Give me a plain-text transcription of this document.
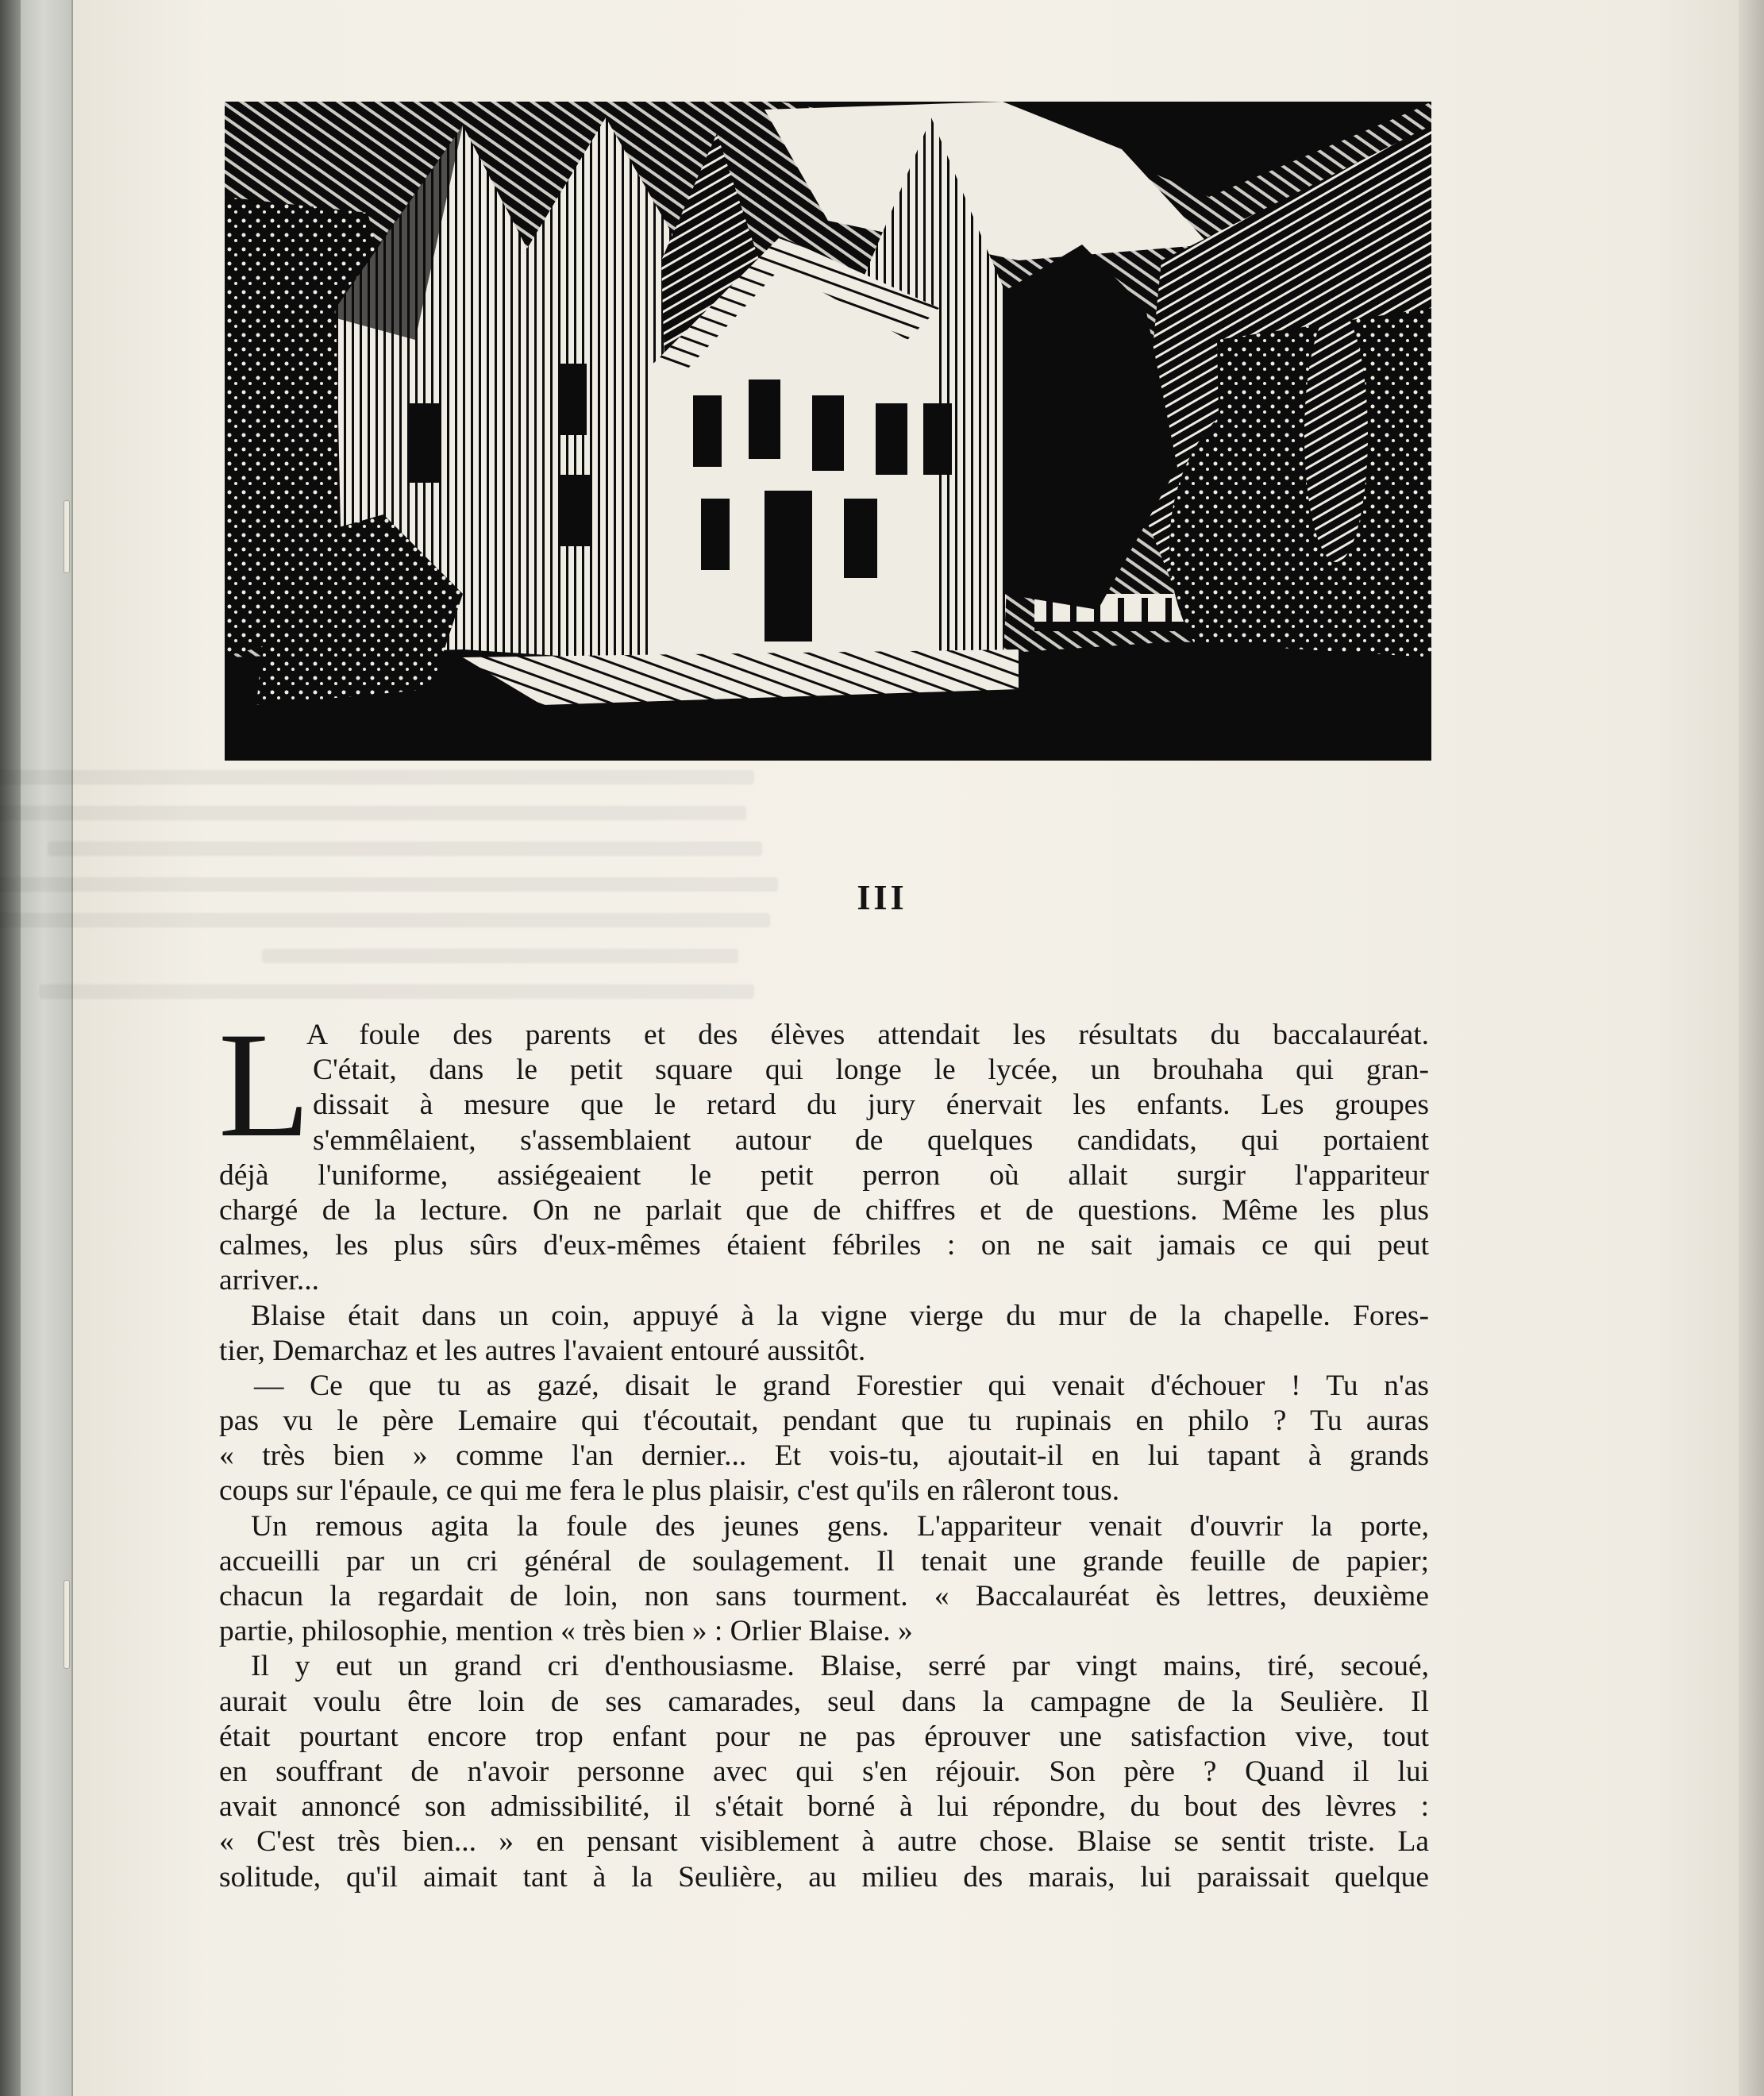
III
L
A foule des parents et des élèves attendait les résultats du baccalauréat.
C'était, dans le petit square qui longe le lycée, un brouhaha qui gran-
dissait à mesure que le retard du jury énervait les enfants. Les groupes
s'emmêlaient, s'assemblaient autour de quelques candidats, qui portaient
déjà l'uniforme, assiégeaient le petit perron où allait surgir l'appariteur
chargé de la lecture. On ne parlait que de chiffres et de questions. Même les plus
calmes, les plus sûrs d'eux-mêmes étaient fébriles : on ne sait jamais ce qui peut
arriver...
Blaise était dans un coin, appuyé à la vigne vierge du mur de la chapelle. Fores-
tier, Demarchaz et les autres l'avaient entouré aussitôt.
— Ce que tu as gazé, disait le grand Forestier qui venait d'échouer ! Tu n'as
pas vu le père Lemaire qui t'écoutait, pendant que tu rupinais en philo ? Tu auras
« très bien » comme l'an dernier... Et vois-tu, ajoutait-il en lui tapant à grands
coups sur l'épaule, ce qui me fera le plus plaisir, c'est qu'ils en râleront tous.
Un remous agita la foule des jeunes gens. L'appariteur venait d'ouvrir la porte,
accueilli par un cri général de soulagement. Il tenait une grande feuille de papier;
chacun la regardait de loin, non sans tourment. « Baccalauréat ès lettres, deuxième
partie, philosophie, mention « très bien » : Orlier Blaise. »
Il y eut un grand cri d'enthousiasme. Blaise, serré par vingt mains, tiré, secoué,
aurait voulu être loin de ses camarades, seul dans la campagne de la Seulière. Il
était pourtant encore trop enfant pour ne pas éprouver une satisfaction vive, tout
en souffrant de n'avoir personne avec qui s'en réjouir. Son père ? Quand il lui
avait annoncé son admissibilité, il s'était borné à lui répondre, du bout des lèvres :
« C'est très bien... » en pensant visiblement à autre chose. Blaise se sentit triste. La
solitude, qu'il aimait tant à la Seulière, au milieu des marais, lui paraissait quelque
